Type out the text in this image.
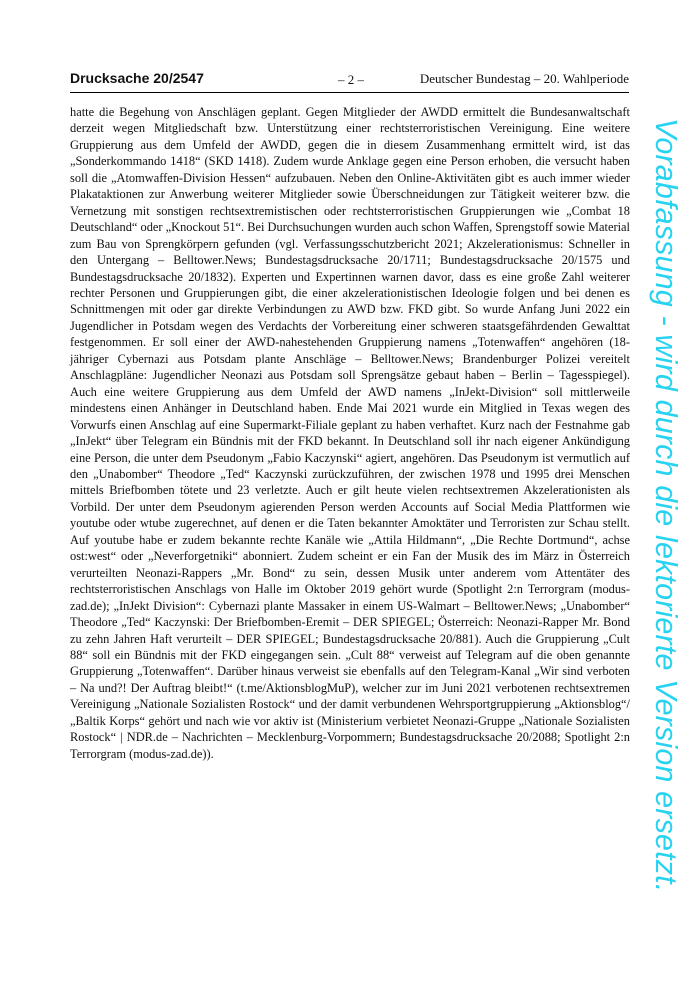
Drucksache 20/2547	– 2 –	Deutscher Bundestag – 20. Wahlperiode

hatte die Begehung von Anschlägen geplant. Gegen Mitglieder der AWDD ermittelt die Bundesanwaltschaft derzeit wegen Mitgliedschaft bzw. Unterstützung einer rechtsterroristischen Vereinigung. Eine weitere Gruppierung aus dem Umfeld der AWDD, gegen die in diesem Zusammenhang ermittelt wird, ist das „Sonderkommando 1418“ (SKD 1418). Zudem wurde Anklage gegen eine Person erhoben, die versucht haben soll die „Atomwaffen-Division Hessen“ aufzubauen. Neben den Online-Aktivitäten gibt es auch immer wieder Plakataktionen zur Anwerbung weiterer Mitglieder sowie Überschneidungen zur Tätigkeit weiterer bzw. die Vernetzung mit sonstigen rechtsextremistischen oder rechtsterroristischen Gruppierungen wie „Combat 18 Deutschland“ oder „Knockout 51“. Bei Durchsuchungen wurden auch schon Waffen, Sprengstoff sowie Material zum Bau von Sprengkörpern gefunden (vgl. Verfassungsschutzbericht 2021; Akzelerationismus: Schneller in den Untergang – Belltower.News; Bundestagsdrucksache 20/1711; Bundestagsdrucksache 20/1575 und Bundestagsdrucksache 20/1832). Experten und Expertinnen warnen davor, dass es eine große Zahl weiterer rechter Personen und Gruppierungen gibt, die einer akzelerationistischen Ideologie folgen und bei denen es Schnittmengen mit oder gar direkte Verbindungen zu AWD bzw. FKD gibt. So wurde Anfang Juni 2022 ein Jugendlicher in Potsdam wegen des Verdachts der Vorbereitung einer schweren staatsgefährdenden Gewalttat festgenommen. Er soll einer der AWD-nahestehenden Gruppierung namens „Totenwaffen“ angehören (18-jähriger Cybernazi aus Potsdam plante Anschläge – Belltower.News; Brandenburger Polizei vereitelt Anschlagpläne: Jugendlicher Neonazi aus Potsdam soll Sprengsätze gebaut haben – Berlin – Tagesspiegel). Auch eine weitere Gruppierung aus dem Umfeld der AWD namens „InJekt-Division“ soll mittlerweile mindestens einen Anhänger in Deutschland haben. Ende Mai 2021 wurde ein Mitglied in Texas wegen des Vorwurfs einen Anschlag auf eine Supermarkt-Filiale geplant zu haben verhaftet. Kurz nach der Festnahme gab „InJekt“ über Telegram ein Bündnis mit der FKD bekannt. In Deutschland soll ihr nach eigener Ankündigung eine Person, die unter dem Pseudonym „Fabio Kaczynski“ agiert, angehören. Das Pseudonym ist vermutlich auf den „Unabomber“ Theodore „Ted“ Kaczynski zurückzuführen, der zwischen 1978 und 1995 drei Menschen mittels Briefbomben tötete und 23 verletzte. Auch er gilt heute vielen rechtsextremen Akzelerationisten als Vorbild. Der unter dem Pseudonym agierenden Person werden Accounts auf Social Media Plattformen wie youtube oder wtube zugerechnet, auf denen er die Taten bekannter Amoktäter und Terroristen zur Schau stellt. Auf youtube habe er zudem bekannte rechte Kanäle wie „Attila Hildmann“, „Die Rechte Dortmund“, achse ost:west“ oder „Neverforgetniki“ abonniert. Zudem scheint er ein Fan der Musik des im März in Österreich verurteilten Neonazi-Rappers „Mr. Bond“ zu sein, dessen Musik unter anderem vom Attentäter des rechtsterroristischen Anschlags von Halle im Oktober 2019 gehört wurde (Spotlight 2:n Terrorgram (modus-zad.de); „InJekt Division“: Cybernazi plante Massaker in einem US-Walmart – Belltower.News; „Unabomber“ Theodore „Ted“ Kaczynski: Der Briefbomben-Eremit – DER SPIEGEL; Österreich: Neonazi-Rapper Mr. Bond zu zehn Jahren Haft verurteilt – DER SPIEGEL; Bundestagsdrucksache 20/881). Auch die Gruppierung „Cult 88“ soll ein Bündnis mit der FKD eingegangen sein. „Cult 88“ verweist auf Telegram auf die oben genannte Gruppierung „Totenwaffen“. Darüber hinaus verweist sie ebenfalls auf den Telegram-Kanal „Wir sind verboten – Na und?! Der Auftrag bleibt!“ (t.me/AktionsblogMuP), welcher zur im Juni 2021 verbotenen rechtsextremen Vereinigung „Nationale Sozialisten Rostock“ und der damit verbundenen Wehrsportgruppierung „Aktionsblog“/„Baltik Korps“ gehört und nach wie vor aktiv ist (Ministerium verbietet Neonazi-Gruppe „Nationale Sozialisten Rostock“ | NDR.de – Nachrichten – Mecklenburg-Vorpommern; Bundestagsdrucksache 20/2088; Spotlight 2:n Terrorgram (modus-zad.de)).	Vorabfassung - wird durch die lektorierte Version ersetzt.
